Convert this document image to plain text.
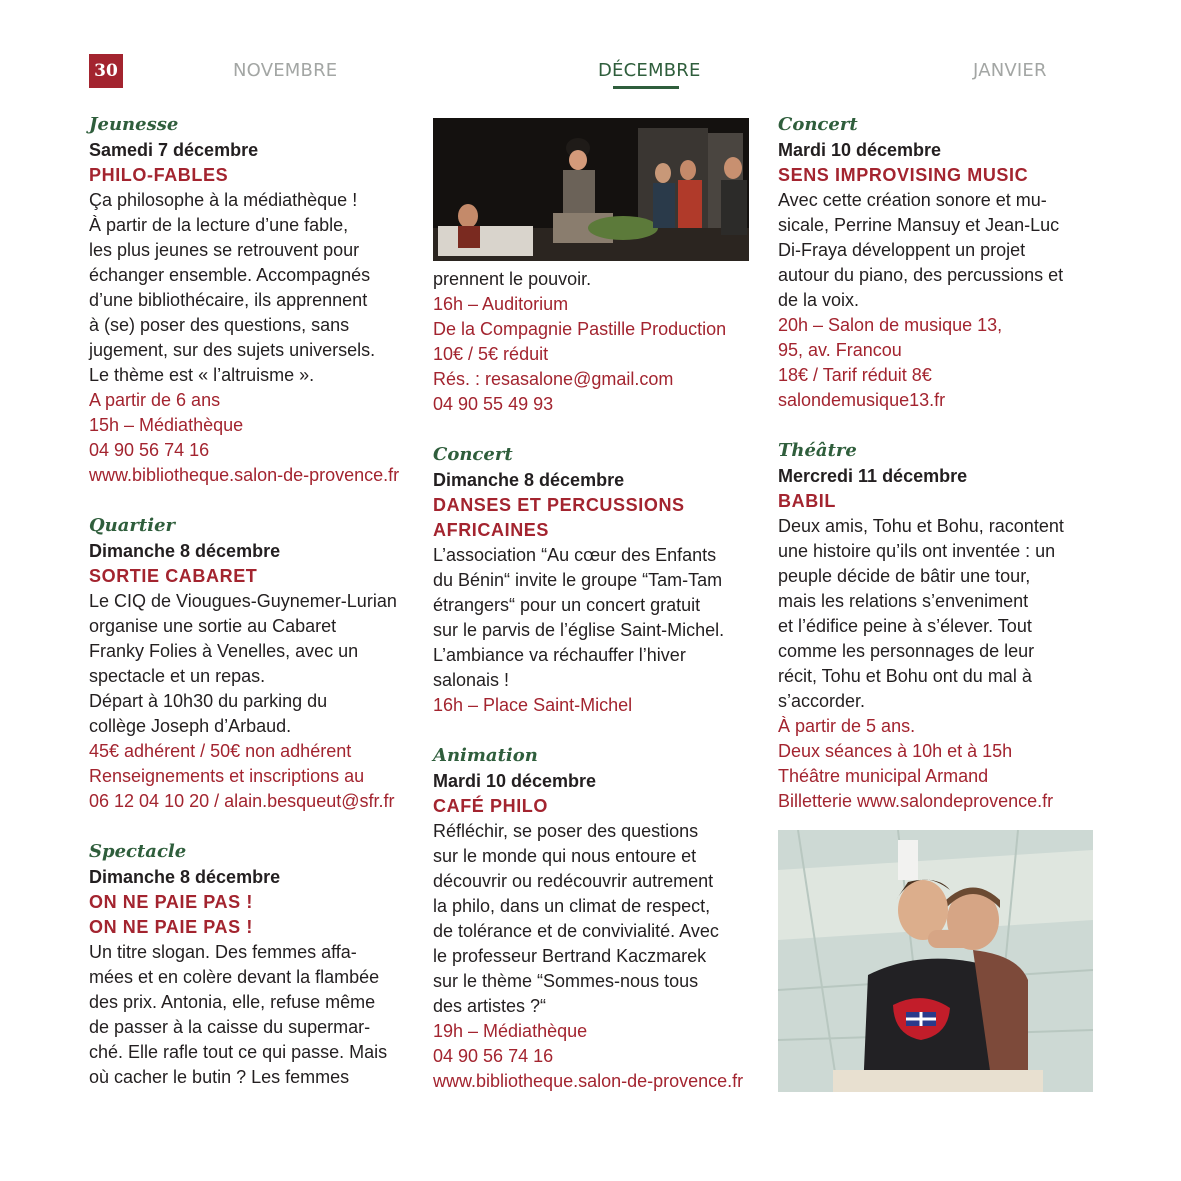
30	NOVEMBRE	DÉCEMBRE	JANVIER
Jeunesse
Samedi 7 décembre
PHILO-FABLES
Ça philosophe à la médiathèque !
À partir de la lecture d’une fable,
les plus jeunes se retrouvent pour
échanger ensemble. Accompagnés
d’une bibliothécaire, ils apprennent
à (se) poser des questions, sans
jugement, sur des sujets universels.
Le thème est « l’altruisme ».
A partir de 6 ans
15h – Médiathèque
04 90 56 74 16
www.bibliotheque.salon-de-provence.fr
Quartier
Dimanche 8 décembre
SORTIE CABARET
Le CIQ de Viougues-Guynemer-Lurian
organise une sortie au Cabaret
Franky Folies à Venelles, avec un
spectacle et un repas.
Départ à 10h30 du parking du
collège Joseph d’Arbaud.
45€ adhérent / 50€ non adhérent
Renseignements et inscriptions au
06 12 04 10 20 / alain.besqueut@sfr.fr
Spectacle
Dimanche 8 décembre
ON NE PAIE PAS !
ON NE PAIE PAS !
Un titre slogan. Des femmes affa-
mées et en colère devant la flambée
des prix. Antonia, elle, refuse même
de passer à la caisse du supermar-
ché. Elle rafle tout ce qui passe. Mais
où cacher le butin ? Les femmes
prennent le pouvoir.
16h – Auditorium
De la Compagnie Pastille Production
10€ / 5€ réduit
Rés. : resasalone@gmail.com
04 90 55 49 93
Concert
Dimanche 8 décembre
DANSES ET PERCUSSIONS
AFRICAINES
L’association “Au cœur des Enfants
du Bénin“ invite le groupe “Tam-Tam
étrangers“ pour un concert gratuit
sur le parvis de l’église Saint-Michel.
L’ambiance va réchauffer l’hiver
salonais !
16h – Place Saint-Michel
Animation
Mardi 10 décembre
CAFÉ PHILO
Réfléchir, se poser des questions
sur le monde qui nous entoure et
découvrir ou redécouvrir autrement
la philo, dans un climat de respect,
de tolérance et de convivialité. Avec
le professeur Bertrand Kaczmarek
sur le thème “Sommes-nous tous
des artistes ?“
19h – Médiathèque
04 90 56 74 16
www.bibliotheque.salon-de-provence.fr
Concert
Mardi 10 décembre
SENS IMPROVISING MUSIC
Avec cette création sonore et mu-
sicale, Perrine Mansuy et Jean-Luc
Di-Fraya développent un projet
autour du piano, des percussions et
de la voix.
20h – Salon de musique 13,
95, av. Francou
18€ / Tarif réduit 8€
salondemusique13.fr
Théâtre
Mercredi 11 décembre
BABIL
Deux amis, Tohu et Bohu, racontent
une histoire qu’ils ont inventée : un
peuple décide de bâtir une tour,
mais les relations s’enveniment
et l’édifice peine à s’élever. Tout
comme les personnages de leur
récit, Tohu et Bohu ont du mal à
s’accorder.
À partir de 5 ans.
Deux séances à 10h et à 15h
Théâtre municipal Armand
Billetterie www.salondeprovence.fr
